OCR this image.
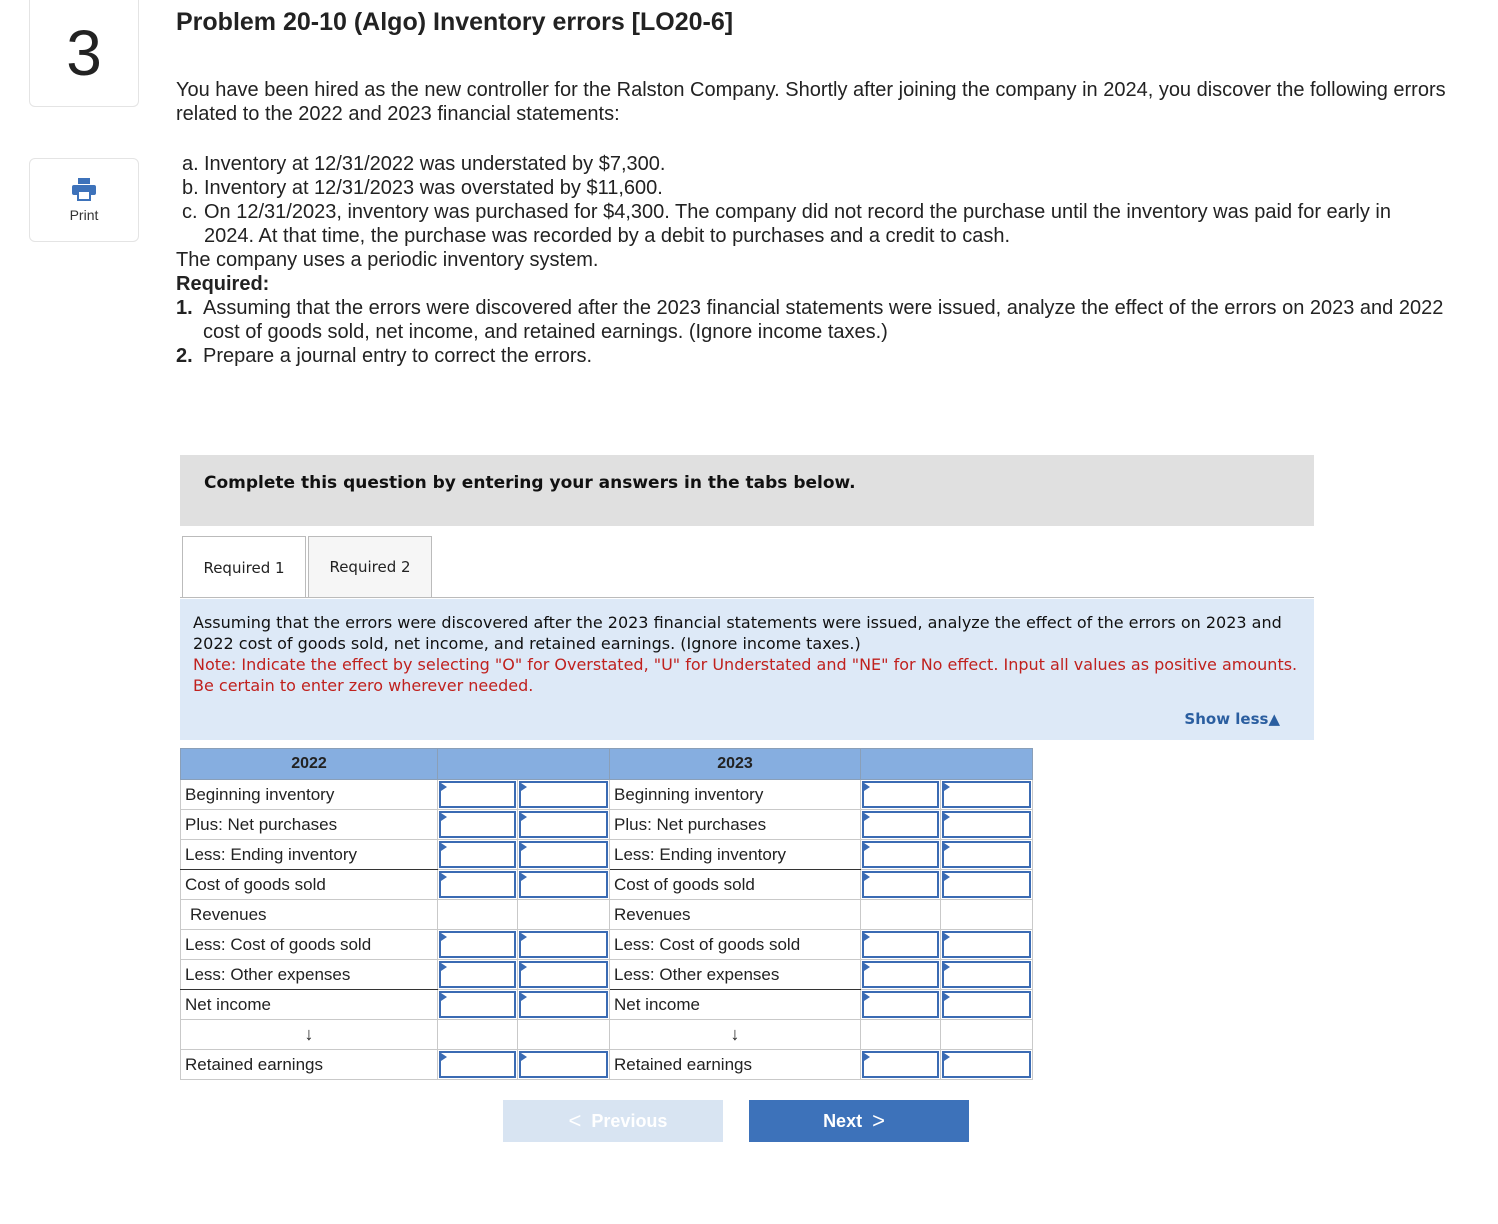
3
Print
Problem 20-10 (Algo) Inventory errors [LO20-6]

You have been hired as the new controller for the Ralston Company. Shortly after joining the company in 2024, you discover the following errors related to the 2022 and 2023 financial statements:

a. Inventory at 12/31/2022 was understated by $7,300.
b. Inventory at 12/31/2023 was overstated by $11,600.
c. On 12/31/2023, inventory was purchased for $4,300. The company did not record the purchase until the inventory was paid for early in 2024. At that time, the purchase was recorded by a debit to purchases and a credit to cash.

The company uses a periodic inventory system.

Required:

1. Assuming that the errors were discovered after the 2023 financial statements were issued, analyze the effect of the errors on 2023 and 2022 cost of goods sold, net income, and retained earnings. (Ignore income taxes.)
2. Prepare a journal entry to correct the errors.
Complete this question by entering your answers in the tabs below.
Required 1	Required 2
Assuming that the errors were discovered after the 2023 financial statements were issued, analyze the effect of the errors on 2023 and 2022 cost of goods sold, net income, and retained earnings. (Ignore income taxes.)
Note: Indicate the effect by selecting "O" for Overstated, "U" for Understated and "NE" for No effect. Input all values as positive amounts. Be certain to enter zero wherever needed.
Show less▲
2022			2023		
Beginning inventory			Beginning inventory	

Plus: Net purchases			Plus: Net purchases	

Less: Ending inventory			Less: Ending inventory	

Cost of goods sold			Cost of goods sold	

Revenues			Revenues		
Less: Cost of goods sold			Less: Cost of goods sold	

Less: Other expenses			Less: Other expenses	

Net income			Net income	

↓			↓		
Retained earnings			Retained earnings	

< Previous	Next >
